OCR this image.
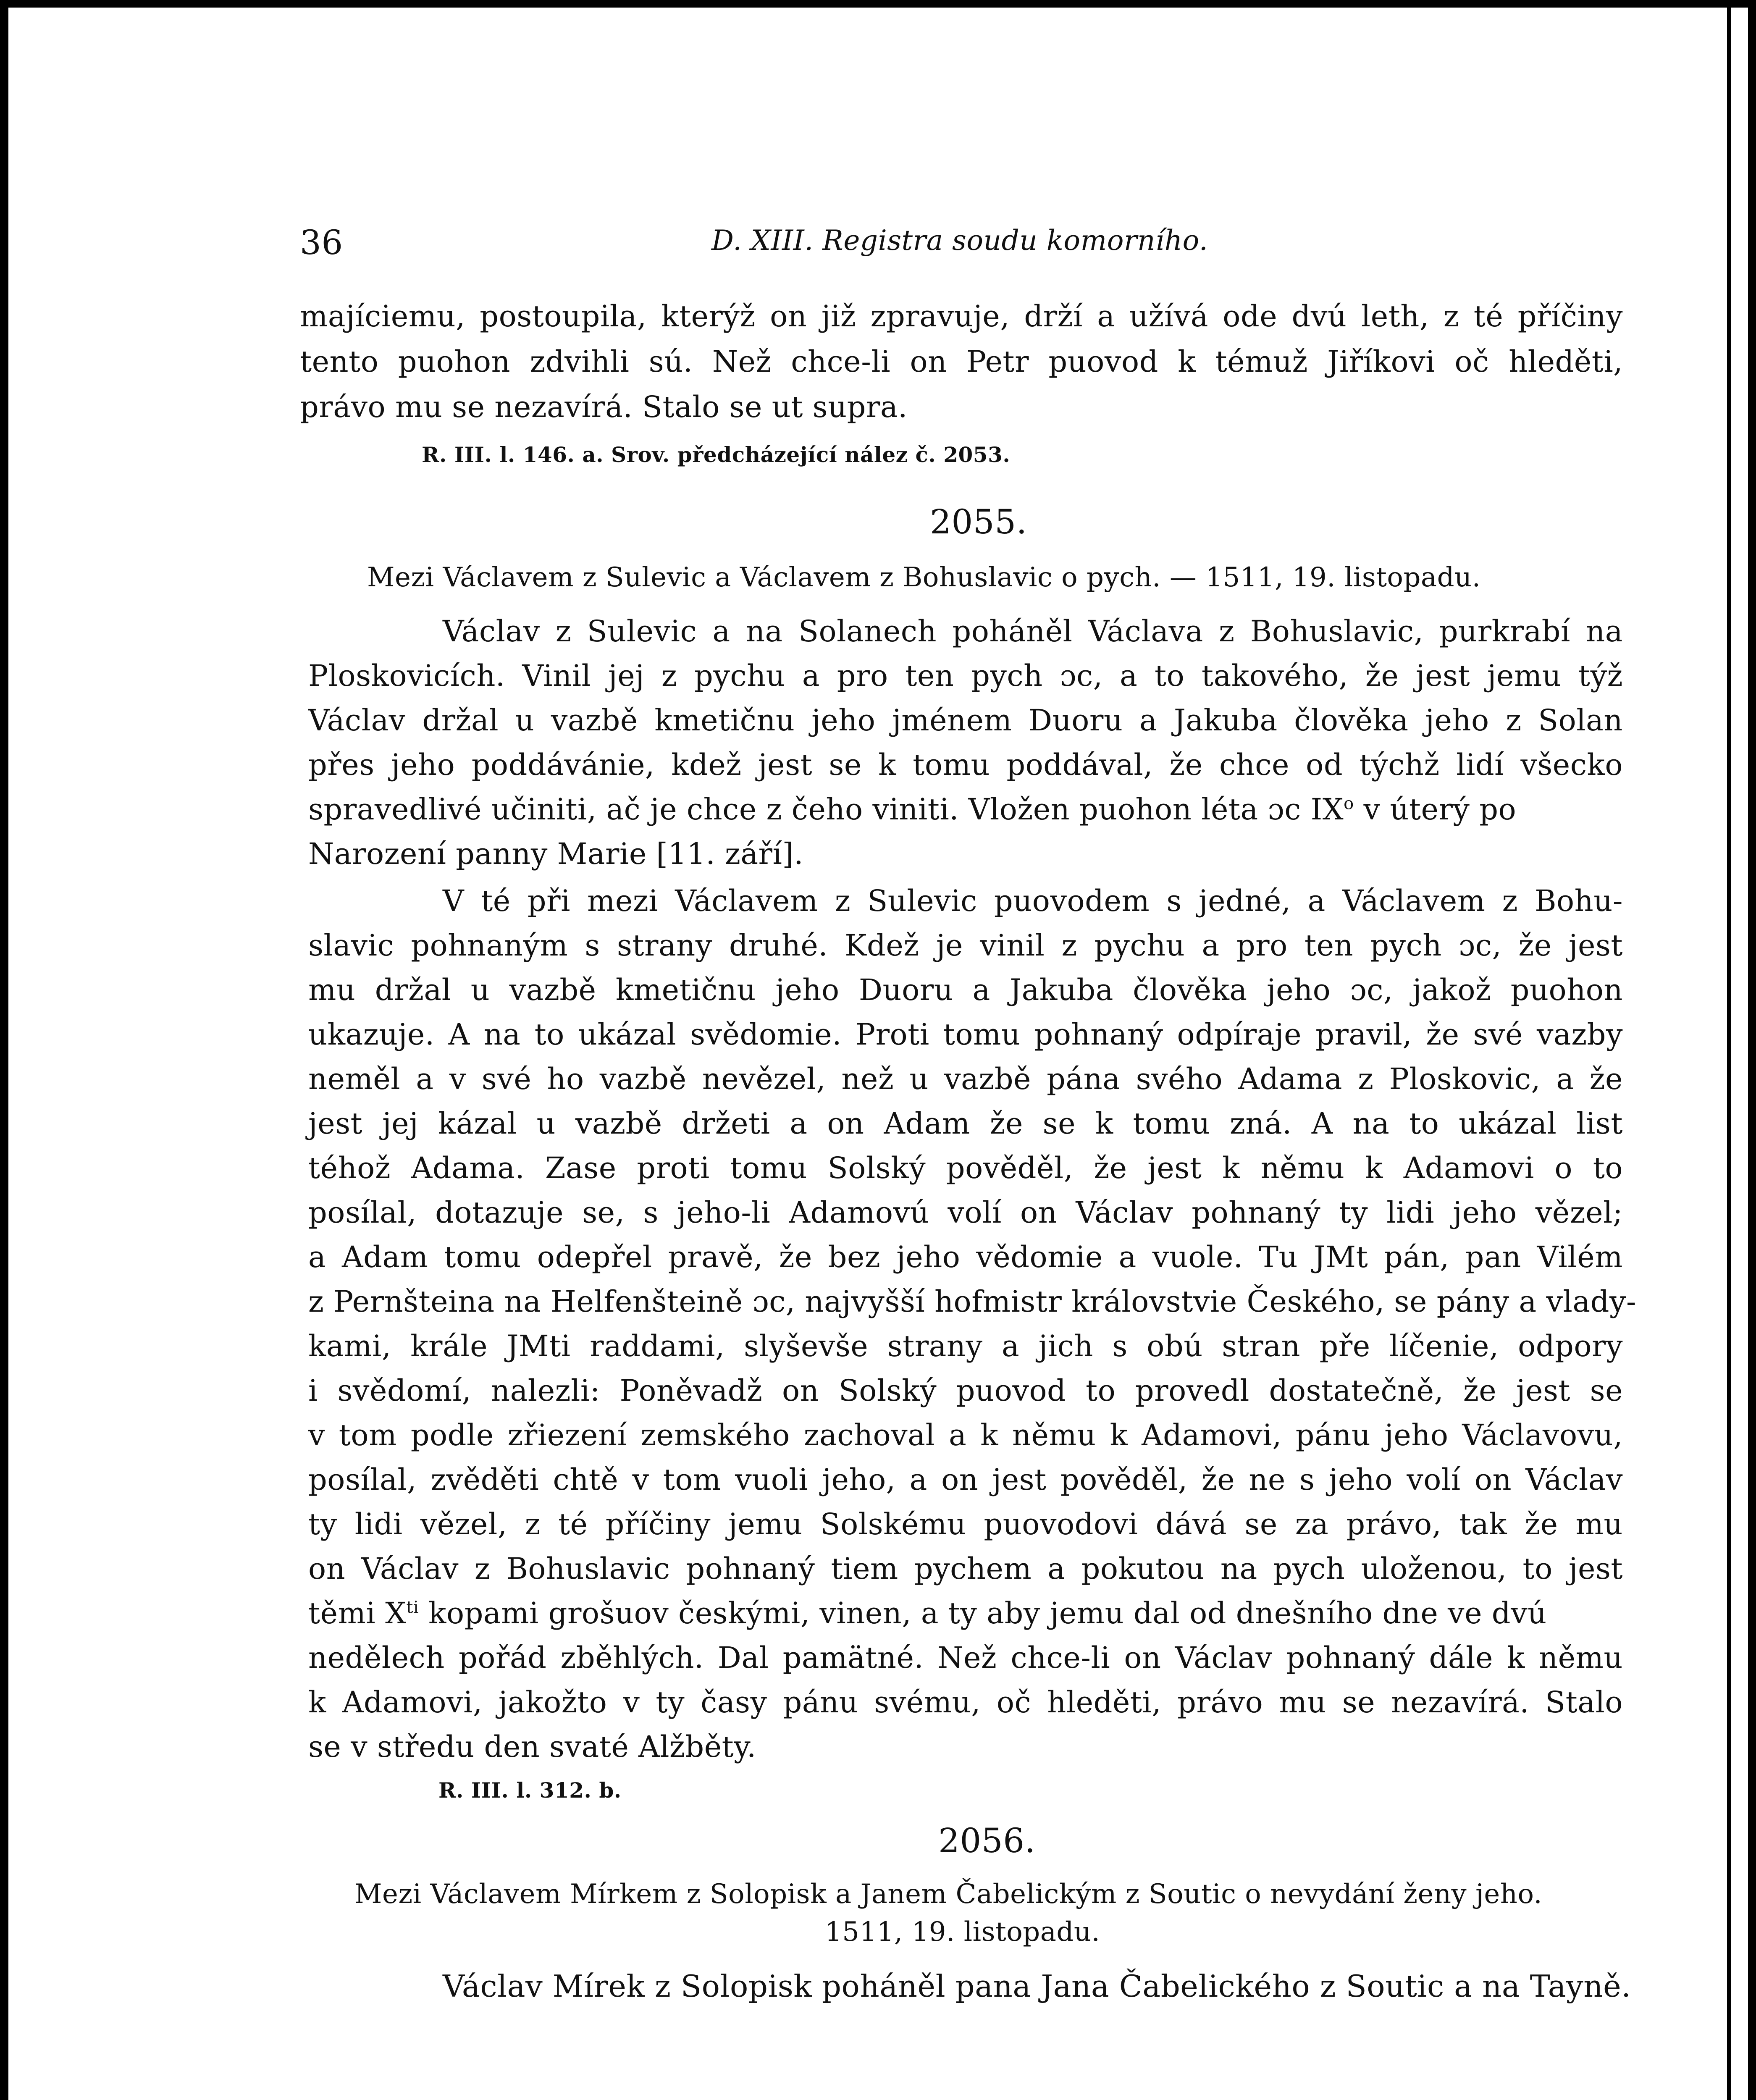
36	D. XIII. Registra soudu komorního.
majíciemu, postoupila, kterýž on již zpravuje, drží a užívá ode dvú leth, z té příčiny
tento puohon zdvihli sú. Než chce-li on Petr puovod k témuž Jiříkovi oč hleděti,
právo mu se nezavírá. Stalo se ut supra.
R. III. l. 146. a. Srov. předcházející nález č. 2053.
2055.
Mezi Václavem z Sulevic a Václavem z Bohuslavic o pych. — 1511, 19. listopadu.
Václav z Sulevic a na Solanech poháněl Václava z Bohuslavic, purkrabí na
Ploskovicích. Vinil jej z pychu a pro ten pych ɔc, a to takového, že jest jemu týž
Václav držal u vazbě kmetičnu jeho jménem Duoru a Jakuba člověka jeho z Solan
přes jeho poddávánie, kdež jest se k tomu poddával, že chce od týchž lidí všecko
spravedlivé učiniti, ač je chce z čeho viniti. Vložen puohon léta ɔc $IX^o$ v úterý po
Narození panny Marie [11. září].
V té při mezi Václavem z Sulevic puovodem s jedné, a Václavem z Bohu-
slavic pohnaným s strany druhé. Kdež je vinil z pychu a pro ten pych ɔc, že jest
mu držal u vazbě kmetičnu jeho Duoru a Jakuba člověka jeho ɔc, jakož puohon
ukazuje. A na to ukázal svědomie. Proti tomu pohnaný odpíraje pravil, že své vazby
neměl a v své ho vazbě nevězel, než u vazbě pána svého Adama z Ploskovic, a že
jest jej kázal u vazbě držeti a on Adam že se k tomu zná. A na to ukázal list
téhož Adama. Zase proti tomu Solský pověděl, že jest k němu k Adamovi o to
posílal, dotazuje se, s jeho-li Adamovú volí on Václav pohnaný ty lidi jeho vězel;
a Adam tomu odepřel pravě, že bez jeho vědomie a vuole. Tu JMt pán, pan Vilém
z Pernšteina na Helfenšteině ɔc, najvyšší hofmistr královstvie Českého, se pány a vlady-
kami, krále JMti raddami, slyševše strany a jich s obú stran pře líčenie, odpory
i svědomí, nalezli: Poněvadž on Solský puovod to provedl dostatečně, že jest se
v tom podle zřiezení zemského zachoval a k němu k Adamovi, pánu jeho Václavovu,
posílal, zvěděti chtě v tom vuoli jeho, a on jest pověděl, že ne s jeho volí on Václav
ty lidi vězel, z té příčiny jemu Solskému puovodovi dává se za právo, tak že mu
on Václav z Bohuslavic pohnaný tiem pychem a pokutou na pych uloženou, to jest
těmi $X^{ti}$ kopami grošuov českými, vinen, a ty aby jemu dal od dnešního dne ve dvú
nedělech pořád zběhlých. Dal pamätné. Než chce-li on Václav pohnaný dále k němu
k Adamovi, jakožto v ty časy pánu svému, oč hleděti, právo mu se nezavírá. Stalo
se v středu den svaté Alžběty.
R. III. l. 312. b.
2056.
Mezi Václavem Mírkem z Solopisk a Janem Čabelickým z Soutic o nevydání ženy jeho.
1511, 19. listopadu.
Václav Mírek z Solopisk poháněl pana Jana Čabelického z Soutic a na Tayně.
